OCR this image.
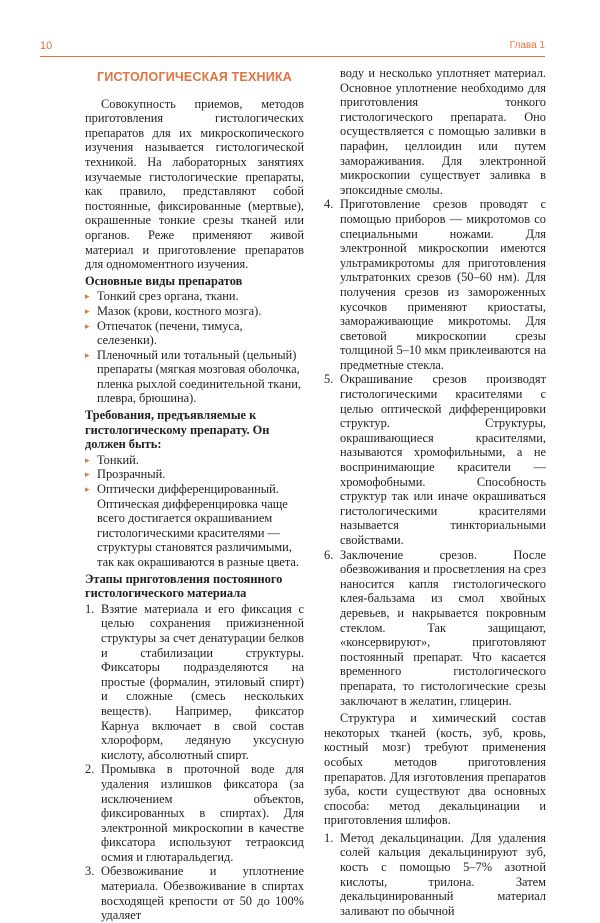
10	Глава 1
ГИСТОЛОГИЧЕСКАЯ ТЕХНИКА

Совокупность приемов, методов приготовления гистологических препаратов для их микроскопического изучения называется гистологической техникой. На лабораторных занятиях изучаемые гистологические препараты, как правило, представляют собой постоянные, фиксированные (мертвые), окрашенные тонкие срезы тканей или органов. Реже применяют живой материал и приготовление препаратов для одномоментного изучения.

Основные виды препаратов
▸ Тонкий срез органа, ткани.
▸ Мазок (крови, костного мозга).
▸ Отпечаток (печени, тимуса, селезенки).
▸ Пленочный или тотальный (цельный) препараты (мягкая мозговая оболочка, пленка рыхлой соединительной ткани, плевра, брюшина).
Требования, предъявляемые к гистологическому препарату. Он должен быть:
▸ Тонкий.
▸ Прозрачный.
▸ Оптически дифференцированный. Оптическая дифференцировка чаще всего достигается окрашиванием гистологическими красителями — структуры становятся различимыми, так как окрашиваются в разные цвета.
Этапы приготовления постоянного гистологического материала
1. Взятие материала и его фиксация с целью сохранения прижизненной структуры за счет денатурации белков и стабилизации структуры. Фиксаторы подразделяются на простые (формалин, этиловый спирт) и сложные (смесь нескольких веществ). Например, фиксатор Карнуа включает в свой состав хлороформ, ледяную уксусную кислоту, абсолютный спирт.
2. Промывка в проточной воде для удаления излишков фиксатора (за исключением объектов, фиксированных в спиртах). Для электронной микроскопии в качестве фиксатора используют тетраоксид осмия и глютаральдегид.
3. Обезвоживание и уплотнение материала. Обезвоживание в спиртах восходящей крепости от 50 до 100% удаляет

воду и несколько уплотняет материал. Основное уплотнение необходимо для приготовления тонкого гистологического препарата. Оно осуществляется с помощью заливки в парафин, целлоидин или путем замораживания. Для электронной микроскопии существует заливка в эпоксидные смолы.

4. Приготовление срезов проводят с помощью приборов — микротомов со специальными ножами. Для электронной микроскопии имеются ультрамикротомы для приготовления ультратонких срезов (50–60 нм). Для получения срезов из замороженных кусочков применяют криостаты, замораживающие микротомы. Для световой микроскопии срезы толщиной 5–10 мкм приклеиваются на предметные стекла.
5. Окрашивание срезов производят гистологическими красителями с целью оптической дифференцировки структур. Структуры, окрашивающиеся красителями, называются хромофильными, а не воспринимающие красители — хромофобными. Способность структур так или иначе окрашиваться гистологическими красителями называется тинкториальными свойствами.
6. Заключение срезов. После обезвоживания и просветления на срез наносится капля гистологического клея-бальзама из смол хвойных деревьев, и накрывается покровным стеклом. Так защищают, «консервируют», приготовляют постоянный препарат. Что касается временного гистологического препарата, то гистологические срезы заключают в желатин, глицерин.

Структура и химический состав некоторых тканей (кость, зуб, кровь, костный мозг) требуют применения особых методов приготовления препаратов. Для изготовления препаратов зуба, кости существуют два основных способа: метод декальцинации и приготовления шлифов.

1. Метод декальцинации. Для удаления солей кальция декальцинируют зуб, кость с помощью 5–7% азотной кислоты, трилона. Затем декальцинированный материал заливают по обычной
